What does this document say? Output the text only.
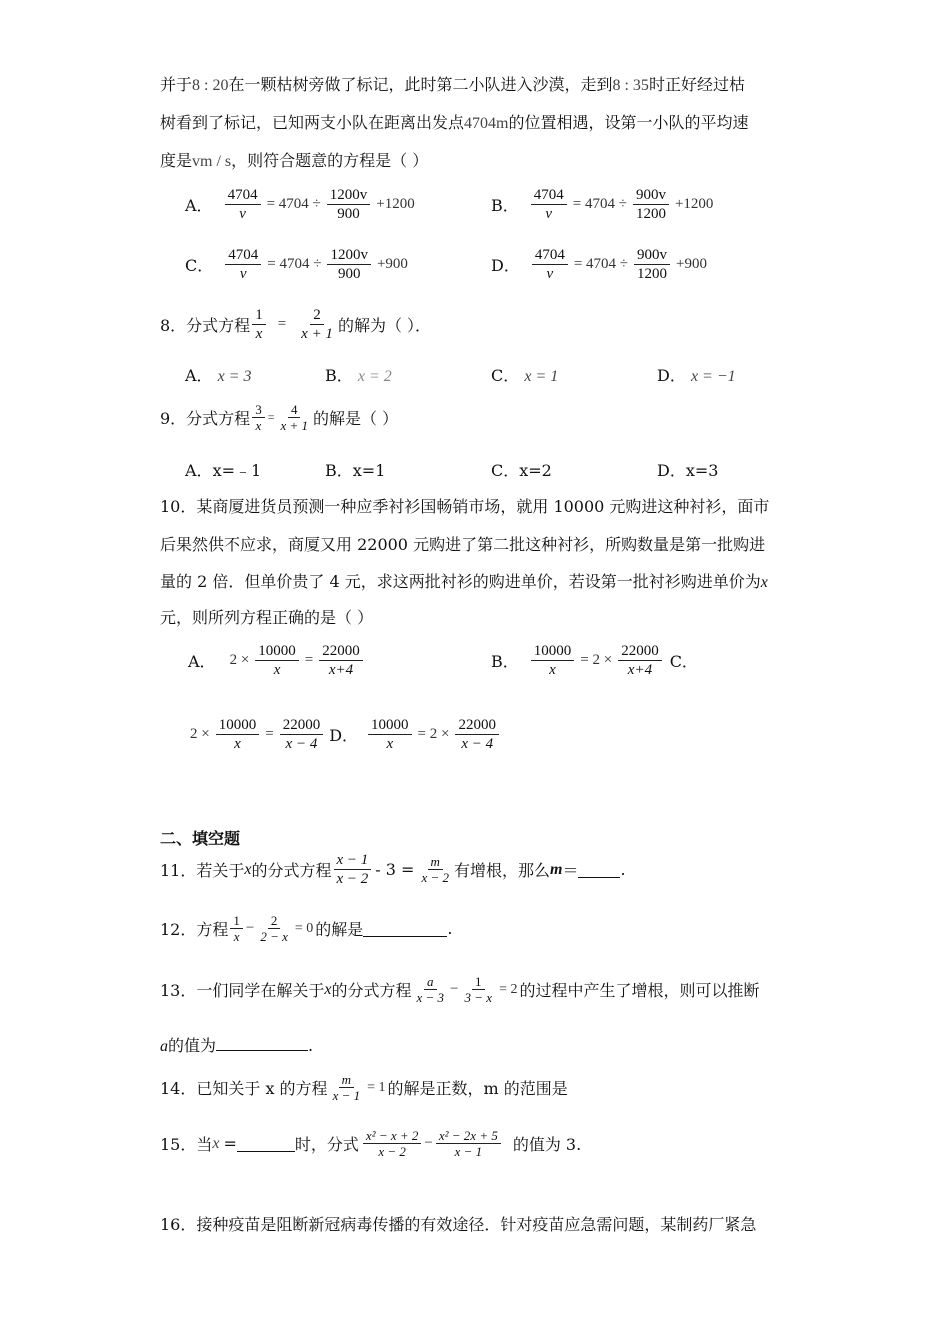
并于8 : 20在一颗枯树旁做了标记，此时第二小队进入沙漠，走到8 : 35时正好经过枯
树看到了标记，已知两支小队在距离出发点4704m的位置相遇，设第一小队的平均速
度是vm / s，则符合题意的方程是（ ）
A． $\frac{4704}{v} = 4704 \div \frac{1200v}{900} +1200$	B． $\frac{4704}{v} = 4704 \div \frac{900v}{1200} +1200$
C． $\frac{4704}{v} = 4704 \div \frac{1200v}{900} +900$	D． $\frac{4704}{v} = 4704 \div \frac{900v}{1200} +900$
8．分式方程 $\frac{1}{x} = \frac{2}{x + 1}$ 的解为（ ）．
A． x = 3	B． x = 2	C． x = 1	D． x = −1
9．分式方程 $\frac{3}{x} = \frac{4}{x + 1}$ 的解是（ ）
A．x=﹣1	B．x=1	C．x=2	D．x=3
10．某商厦进货员预测一种应季衬衫国畅销市场，就用 10000 元购进这种衬衫，面市
后果然供不应求，商厦又用 22000 元购进了第二批这种衬衫，所购数量是第一批购进
量的 2 倍．但单价贵了 4 元，求这两批衬衫的购进单价，若设第一批衬衫购进单价为x
元，则所列方程正确的是（ ）
A． $2 \times \frac{10000}{x} = \frac{22000}{x+4}$	B． $\frac{10000}{x} = 2 \times \frac{22000}{x+4}$ C．
$2 \times \frac{10000}{x} = \frac{22000}{x - 4}$ D． $\frac{10000}{x} = 2 \times \frac{22000}{x - 4}$
二、填空题
11．若关于 x 的分式方程
x − 1
$x - 2 - 3 = \frac{m}{x - 2}$ 有增根，那么 m ＝	.
12．方程 1
x
− $\frac{2}{2 - x} = 0$ 的解是	.
13．一们同学在解关于 x 的分式方程 a
x − 3
− $\frac{1}{3 - x} = 2$ 的过程中产生了增根，则可以推断
a的值为	.
14．已知关于 x 的方程 $\frac{m}{x - 1} = 1$ 的解是正数，m 的范围是
15．当 x =	时，分式 x² − x + 2
x − 2
− $\frac{\text{x² − 2x + 5}}{x - 1}$ 的值为 3.
16．接种疫苗是阻断新冠病毒传播的有效途径．针对疫苗应急需问题，某制药厂紧急
